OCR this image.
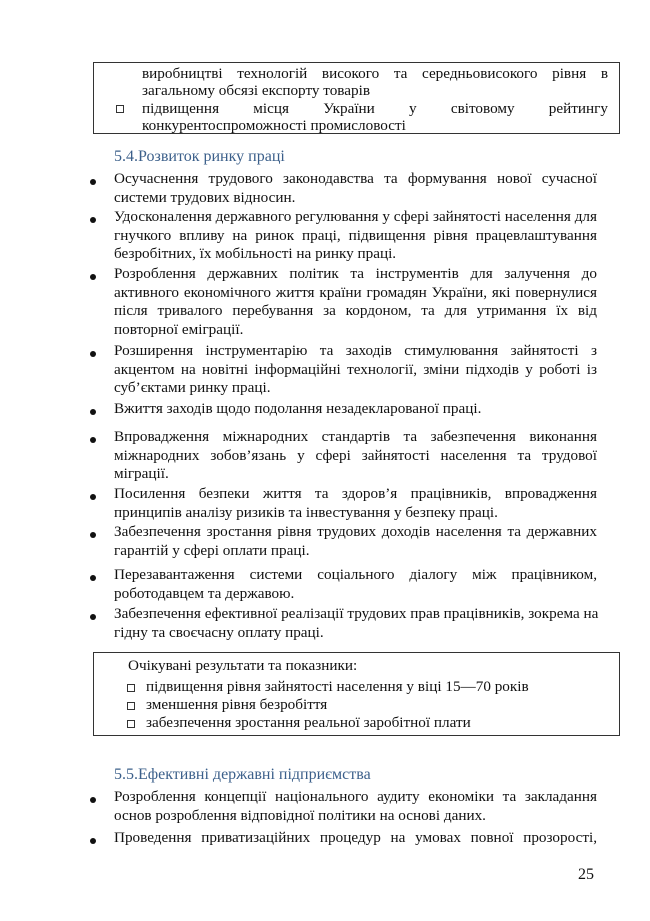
виробництві технологій високого та середньовисокого рівня в
загальному обсязі експорту товарів
підвищення місця України у світовому рейтингу
конкурентоспроможності промисловості
5.4.Розвиток ринку праці
Осучаснення трудового законодавства та формування нової сучасної
системи трудових відносин.
Удосконалення державного регулювання у сфері зайнятості населення для
гнучкого впливу на ринок праці, підвищення рівня працевлаштування
безробітних, їх мобільності на ринку праці.
Розроблення державних політик та інструментів для залучення до
активного економічного життя країни громадян України, які повернулися
після тривалого перебування за кордоном, та для утримання їх від
повторної еміграції.
Розширення інструментарію та заходів стимулювання зайнятості з
акцентом на новітні інформаційні технології, зміни підходів у роботі із
суб’єктами ринку праці.
Вжиття заходів щодо подолання незадекларованої праці.
Впровадження міжнародних стандартів та забезпечення виконання
міжнародних зобов’язань у сфері зайнятості населення та трудової
міграції.
Посилення безпеки життя та здоров’я працівників, впровадження
принципів аналізу ризиків та інвестування у безпеку праці.
Забезпечення зростання рівня трудових доходів населення та державних
гарантій у сфері оплати праці.
Перезавантаження системи соціального діалогу між працівником,
роботодавцем та державою.
Забезпечення ефективної реалізації трудових прав працівників, зокрема на
гідну та своєчасну оплату праці.
Очікувані результати та показники:
підвищення рівня зайнятості населення у віці 15—70 років
зменшення рівня безробіття
забезпечення зростання реальної заробітної плати
5.5.Ефективні державні підприємства
Розроблення концепції національного аудиту економіки та закладання
основ розроблення відповідної політики на основі даних.
Проведення приватизаційних процедур на умовах повної прозорості,
25
